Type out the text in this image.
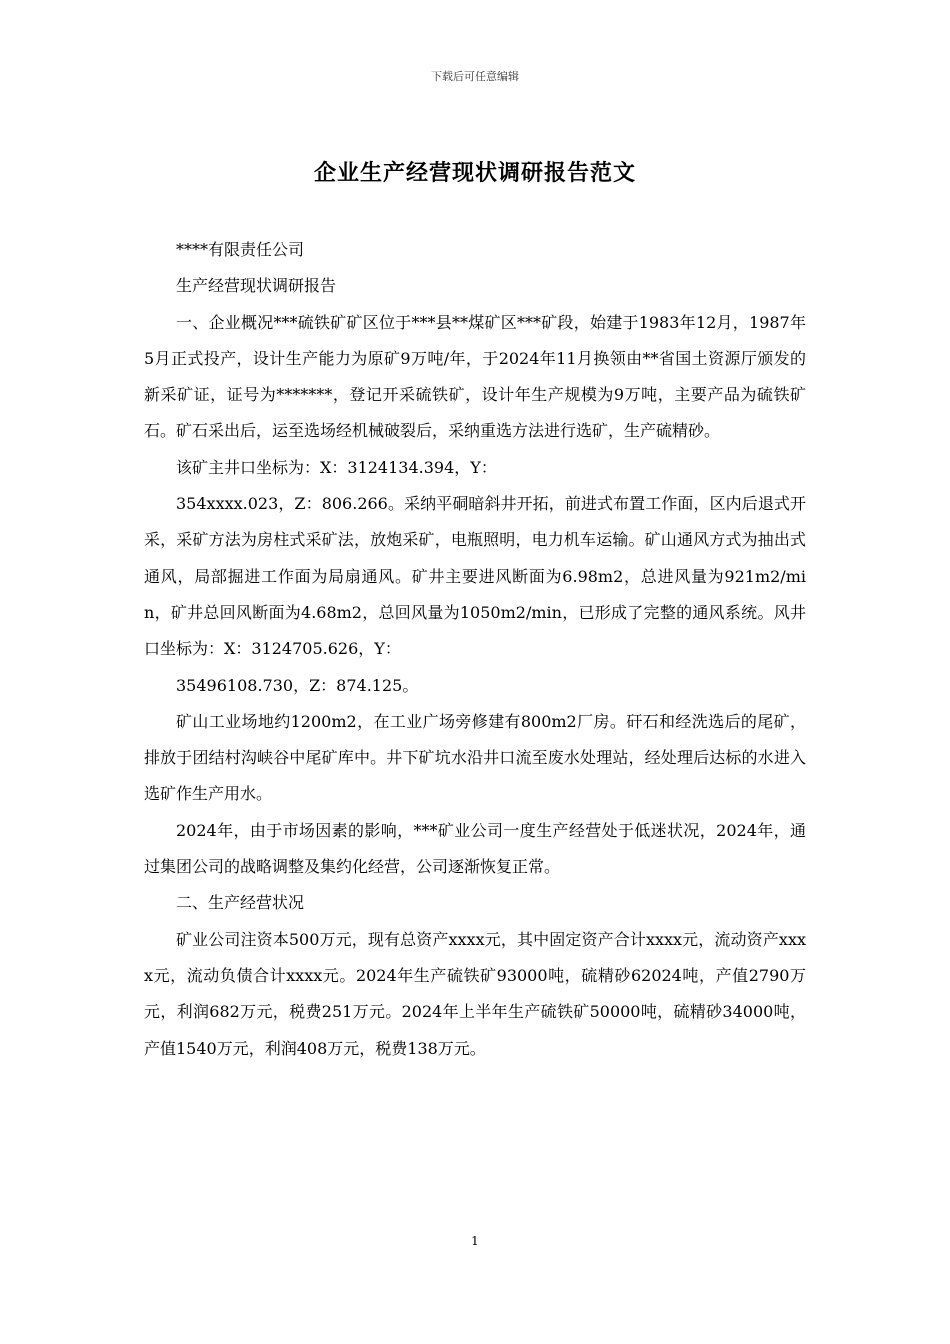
下载后可任意编辑
企业生产经营现状调研报告范文

****有限责任公司

生产经营现状调研报告

一、企业概况***硫铁矿矿区位于***县**煤矿区***矿段，始建于1983年12月，1987年5月正式投产，设计生产能力为原矿9万吨/年，于2024年11月换领由**省国土资源厅颁发的新采矿证，证号为*******，登记开采硫铁矿，设计年生产规模为9万吨，主要产品为硫铁矿石。矿石采出后，运至选场经机械破裂后，采纳重选方法进行选矿，生产硫精砂。

该矿主井口坐标为：X：3124134.394，Y：

354xxxx.023，Z：806.266。采纳平硐暗斜井开拓，前进式布置工作面，区内后退式开采，采矿方法为房柱式采矿法，放炮采矿，电瓶照明，电力机车运输。矿山通风方式为抽出式通风，局部掘进工作面为局扇通风。矿井主要进风断面为6.98m2，总进风量为921m2/min，矿井总回风断面为4.68m2，总回风量为1050m2/min，已形成了完整的通风系统。风井口坐标为：X：3124705.626，Y：

35496108.730，Z：874.125。

矿山工业场地约1200m2，在工业广场旁修建有800m2厂房。矸石和经洗选后的尾矿，排放于团结村沟峡谷中尾矿库中。井下矿坑水沿井口流至废水处理站，经处理后达标的水进入选矿作生产用水。

2024年，由于市场因素的影响，***矿业公司一度生产经营处于低迷状况，2024年，通过集团公司的战略调整及集约化经营，公司逐渐恢复正常。

二、生产经营状况

矿业公司注资本500万元，现有总资产xxxx元，其中固定资产合计xxxx元，流动资产xxxx元，流动负债合计xxxx元。2024年生产硫铁矿93000吨，硫精砂62024吨，产值2790万元，利润682万元，税费251万元。2024年上半年生产硫铁矿50000吨，硫精砂34000吨，产值1540万元，利润408万元，税费138万元。

1
